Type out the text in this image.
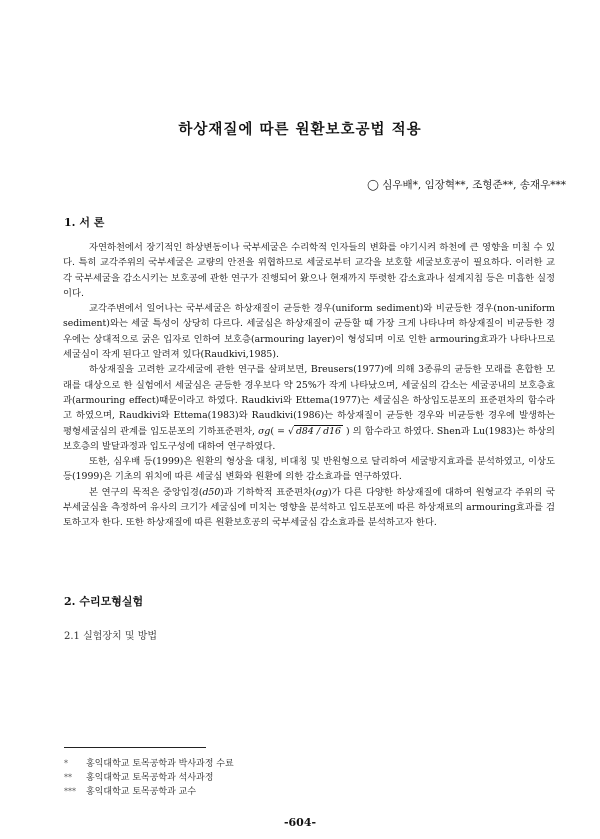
하상재질에 따른 원환보호공법 적용
◯ 심우배*, 임장혁**, 조형준**, 송재우***
1. 서 론

자연하천에서 장기적인 하상변동이나 국부세굴은 수리학적 인자들의 변화를 야기시켜 하천에 큰 영향을 미칠 수 있다. 특히 교각주위의 국부세굴은 교량의 안전을 위협하므로 세굴로부터 교각을 보호할 세굴보호공이 필요하다. 이러한 교각 국부세굴을 감소시키는 보호공에 관한 연구가 진행되어 왔으나 현재까지 뚜렷한 감소효과나 설계지침 등은 미흡한 실정이다.

교각주변에서 일어나는 국부세굴은 하상재질이 균등한 경우(uniform sediment)와 비균등한 경우(non-uniform sediment)와는 세굴 특성이 상당히 다르다. 세굴심은 하상재질이 균등할 때 가장 크게 나타나며 하상재질이 비균등한 경우에는 상대적으로 굵은 입자로 인하여 보호층(armouring layer)이 형성되며 이로 인한 armouring효과가 나타나므로 세굴심이 작게 된다고 알려져 있다(Raudkivi,1985).

하상재질을 고려한 교각세굴에 관한 연구를 살펴보면, Breusers(1977)에 의해 3종류의 균등한 모래를 혼합한 모래를 대상으로 한 실험에서 세굴심은 균등한 경우보다 약 25%가 작게 나타났으며, 세굴심의 감소는 세굴공내의 보호층효과(armouring effect)때문이라고 하였다. Raudkivi와 Ettema(1977)는 세굴심은 하상입도분포의 표준편차의 함수라고 하였으며, Raudkivi와 Ettema(1983)와 Raudkivi(1986)는 하상재질이 균등한 경우와 비균등한 경우에 발생하는 평형세굴심의 관계를 입도분포의 기하표준편차, σg( = √ d84 / d16 ) 의 함수라고 하였다. Shen과 Lu(1983)는 하상의 보호층의 발달과정과 입도구성에 대하여 연구하였다.

또한, 심우배 등(1999)은 원환의 형상을 대칭, 비대칭 및 반원형으로 달리하여 세굴방지효과를 분석하였고, 이상도 등(1999)은 기초의 위치에 따른 세굴심 변화와 원환에 의한 감소효과를 연구하였다.

본 연구의 목적은 중앙입경(d50)과 기하학적 표준편차(σg)가 다른 다양한 하상재질에 대하여 원형교각 주위의 국부세굴심을 측정하여 유사의 크기가 세굴심에 미치는 영향을 분석하고 입도분포에 따른 하상재료의 armouring효과를 검토하고자 한다. 또한 하상재질에 따른 원환보호공의 국부세굴심 감소효과를 분석하고자 한다.

2. 수리모형실험
2.1 실험장치 및 방법
* 홍익대학교 토목공학과 박사과정 수료
** 홍익대학교 토목공학과 석사과정
*** 홍익대학교 토목공학과 교수
-604-
